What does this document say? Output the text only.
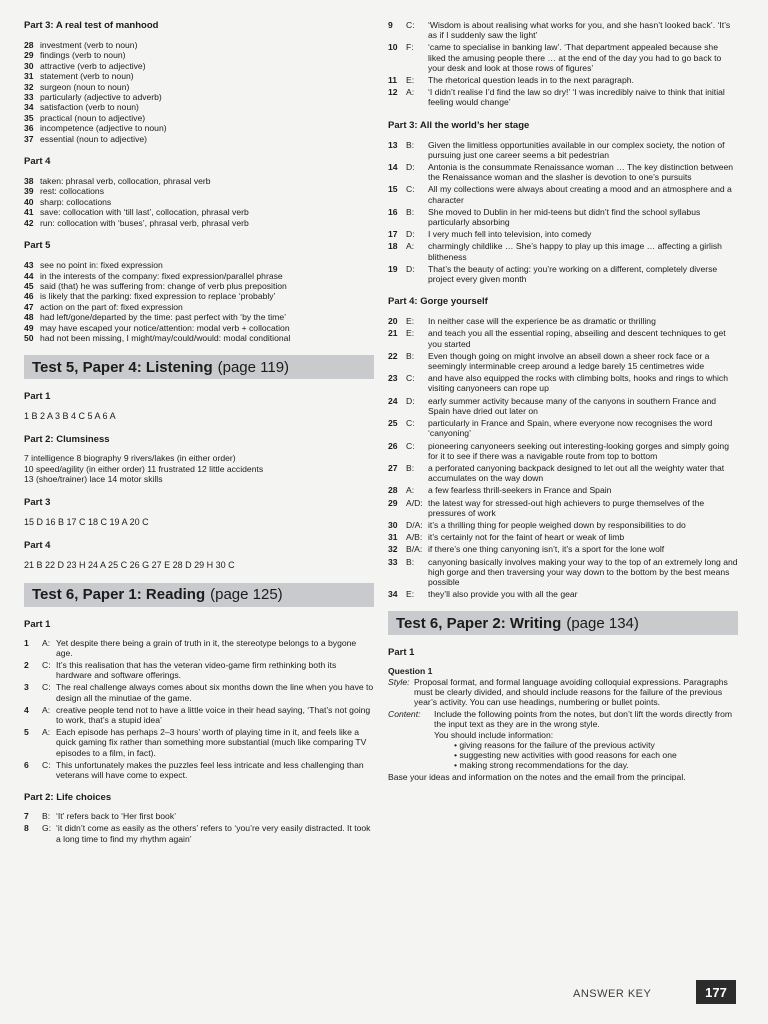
Part 3: A real test of manhood
28 investment (verb to noun)
29 findings (verb to noun)
30 attractive (verb to adjective)
31 statement (verb to noun)
32 surgeon (noun to noun)
33 particularly (adjective to adverb)
34 satisfaction (verb to noun)
35 practical (noun to adjective)
36 incompetence (adjective to noun)
37 essential (noun to adjective)
Part 4
38 taken: phrasal verb, collocation, phrasal verb
39 rest: collocations
40 sharp: collocations
41 save: collocation with ‘till last’, collocation, phrasal verb
42 run: collocation with ‘buses’, phrasal verb, phrasal verb
Part 5
43 see no point in: fixed expression
44 in the interests of the company: fixed expression/parallel phrase
45 said (that) he was suffering from: change of verb plus preposition
46 is likely that the parking: fixed expression to replace ‘probably’
47 action on the part of: fixed expression
48 had left/gone/departed by the time: past perfect with ‘by the time’
49 may have escaped your notice/attention: modal verb + collocation
50 had not been missing, I might/may/could/would: modal conditional
Test 5, Paper 4: Listening (page 119)
Part 1
1 B 2 A 3 B 4 C 5 A 6 A
Part 2: Clumsiness
7 intelligence 8 biography 9 rivers/lakes (in either order)
10 speed/agility (in either order) 11 frustrated 12 little accidents
13 (shoe/trainer) lace 14 motor skills
Part 3
15 D 16 B 17 C 18 C 19 A 20 C
Part 4
21 B 22 D 23 H 24 A 25 C 26 G 27 E 28 D 29 H 30 C
Test 6, Paper 1: Reading (page 125)
Part 1
1	A: Yet despite there being a grain of truth in it, the stereotype belongs to a bygone age.
2	C: It’s this realisation that has the veteran video-game firm rethinking both its hardware and software offerings.
3	C: The real challenge always comes about six months down the line when you have to design all the minutiae of the game.
4	A: creative people tend not to have a little voice in their head saying, ‘That’s not going to work, that’s a stupid idea’
5	A: Each episode has perhaps 2–3 hours’ worth of playing time in it, and feels like a quick gaming fix rather than something more substantial (much like comparing TV episodes to a film, in fact).
6	C: This unfortunately makes the puzzles feel less intricate and less challenging than veterans will have come to expect.
Part 2: Life choices
7	B: ‘It’ refers back to ‘Her first book’
8	G: ‘it didn’t come as easily as the others’ refers to ‘you’re very easily distracted. It took a long time to find my rhythm again’
9	C:	‘Wisdom is about realising what works for you, and she hasn’t looked back’. ‘It’s as if I suddenly saw the light’
10 F:	‘came to specialise in banking law’. ‘That department appealed because she liked the amusing people there … at the end of the day you had to go back to your desk and look at those rows of figures’
11	E:	The rhetorical question leads in to the next paragraph.
12 A:	‘I didn’t realise I’d find the law so dry!’ ‘I was incredibly naive to think that initial feeling would change’
Part 3: All the world’s her stage
13 B:	Given the limitless opportunities available in our complex society, the notion of pursuing just one career seems a bit pedestrian
14 D:	Antonia is the consummate Renaissance woman … The key distinction between the Renaissance woman and the slasher is devotion to one’s pursuits
15 C:	All my collections were always about creating a mood and an atmosphere and a character
16 B:	She moved to Dublin in her mid-teens but didn’t find the school syllabus particularly absorbing
17 D:	I very much fell into television, into comedy
18 A:	charmingly childlike … She’s happy to play up this image … affecting a girlish blitheness
19 D:	That’s the beauty of acting: you’re working on a different, completely diverse project every given month
Part 4: Gorge yourself
20 E:	In neither case will the experience be as dramatic or thrilling
21 E:	and teach you all the essential roping, abseiling and descent techniques to get you started
22 B:	Even though going on might involve an abseil down a sheer rock face or a seemingly interminable creep around a ledge barely 15 centimetres wide
23 C:	and have also equipped the rocks with climbing bolts, hooks and rings to which visiting canyoneers can rope up
24 D:	early summer activity because many of the canyons in southern France and Spain have dried out later on
25 C:	particularly in France and Spain, where everyone now recognises the word ‘canyoning’
26 C:	pioneering canyoneers seeking out interesting-looking gorges and simply going for it to see if there was a navigable route from top to bottom
27 B:	a perforated canyoning backpack designed to let out all the weighty water that accumulates on the way down
28 A:	a few fearless thrill-seekers in France and Spain
29 A/D: the latest way for stressed-out high achievers to purge themselves of the pressures of work
30 D/A: it’s a thrilling thing for people weighed down by responsibilities to do
31 A/B: it’s certainly not for the faint of heart or weak of limb
32 B/A: if there’s one thing canyoning isn’t, it’s a sport for the lone wolf
33 B:	canyoning basically involves making your way to the top of an extremely long and high gorge and then traversing your way down to the bottom by the best means possible
34 E:	they’ll also provide you with all the gear
Test 6, Paper 2: Writing (page 134)
Part 1
Question 1
Style: Proposal format, and formal language avoiding colloquial expressions. Paragraphs must be clearly divided, and should include reasons for the failure of the previous year’s activity. You can use headings, numbering or bullet points.
Content:	Include the following points from the notes, but don’t lift the words directly from the input text as they are in the wrong style.
You should include information:
• giving reasons for the failure of the previous activity
• suggesting new activities with good reasons for each one
• making strong recommendations for the day.
Base your ideas and information on the notes and the email from the principal.
ANSWER KEY	177
